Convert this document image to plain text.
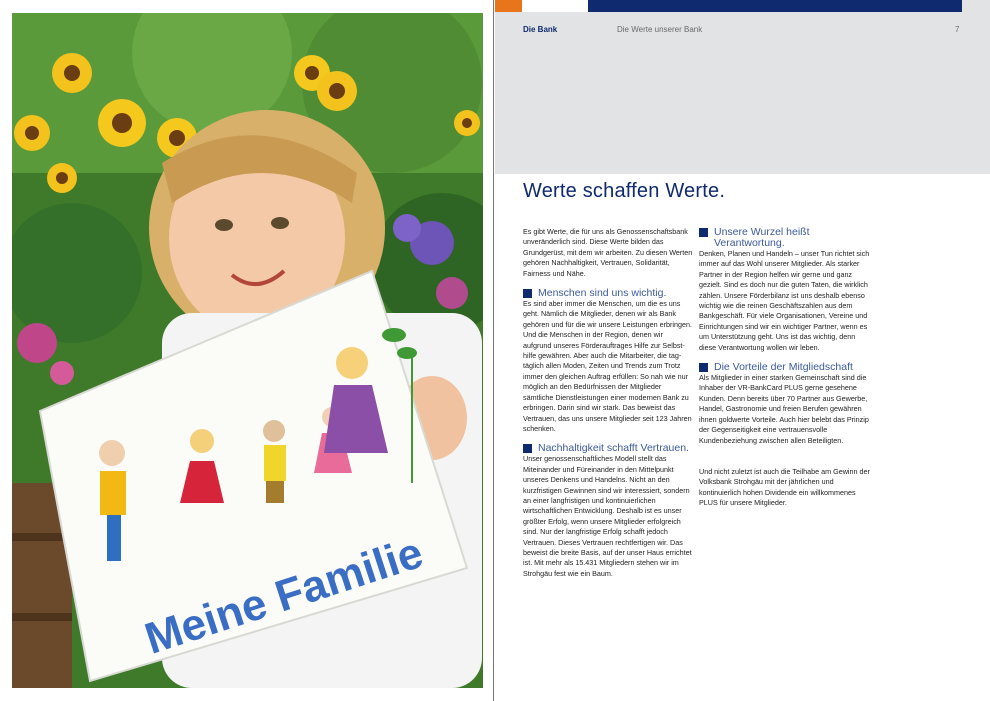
Meine Familie
Die Bank	Die Werte unserer Bank	7
Werte schaffen Werte.

Es gibt Werte, die für uns als Genossenschaftsbank unveränderlich sind. Diese Werte bilden das Grundgerüst, mit dem wir arbeiten. Zu diesen Werten gehören Nachhaltigkeit, Vertrauen, Solidarität, Fairness und Nähe.

Menschen sind uns wichtig.

Es sind aber immer die Menschen, um die es uns geht. Nämlich die Mitglieder, denen wir als Bank gehören und für die wir unsere Leistungen erbringen. Und die Menschen in der Region, denen wir aufgrund unseres Förderauftrages Hilfe zur Selbsthilfe gewähren. Aber auch die Mitarbeiter, die tagtäglich allen Moden, Zeiten und Trends zum Trotz immer den gleichen Auftrag erfüllen: So nah wie nur möglich an den Bedürfnissen der Mitglieder sämtliche Dienstleistungen einer modernen Bank zu erbringen. Darin sind wir stark. Das beweist das Vertrauen, das uns unsere Mitglieder seit 123 Jahren schenken.

Nachhaltigkeit schafft Vertrauen.

Unser genossenschaftliches Modell stellt das Miteinander und Füreinander in den Mittelpunkt unseres Denkens und Handelns. Nicht an den kurzfristigen Gewinnen sind wir interessiert, sondern an einer langfristigen und kontinuierlichen wirtschaftlichen Entwicklung. Deshalb ist es unser größter Erfolg, wenn unsere Mitglieder erfolgreich sind. Nur der langfristige Erfolg schafft jedoch Vertrauen. Dieses Vertrauen rechtfertigen wir. Das beweist die breite Basis, auf der unser Haus errichtet ist. Mit mehr als 15.431 Mitgliedern stehen wir im Strohgäu fest wie ein Baum.

Unsere Wurzel heißt Verantwortung.

Denken, Planen und Handeln – unser Tun richtet sich immer auf das Wohl unserer Mitglieder. Als starker Partner in der Region helfen wir gerne und ganz gezielt. Sind es doch nur die guten Taten, die wirklich zählen. Unsere Förderbilanz ist uns deshalb ebenso wichtig wie die reinen Geschäftszahlen aus dem Bankgeschäft. Für viele Organisationen, Vereine und Einrichtungen sind wir ein wichtiger Partner, wenn es um Unterstützung geht. Uns ist das wichtig, denn diese Verantwortung wollen wir leben.

Die Vorteile der Mitgliedschaft

Als Mitglieder in einer starken Gemeinschaft sind die Inhaber der VR-BankCard PLUS gerne gesehene Kunden. Denn bereits über 70 Partner aus Gewerbe, Handel, Gastronomie und freien Berufen gewähren ihnen goldwerte Vorteile. Auch hier belebt das Prinzip der Gegenseitigkeit eine vertrauensvolle Kundenbeziehung zwischen allen Beteiligten.

Und nicht zuletzt ist auch die Teilhabe am Gewinn der Volksbank Strohgäu mit der jährlichen und kontinuierlich hohen Dividende ein willkommenes PLUS für unsere Mitglieder.
